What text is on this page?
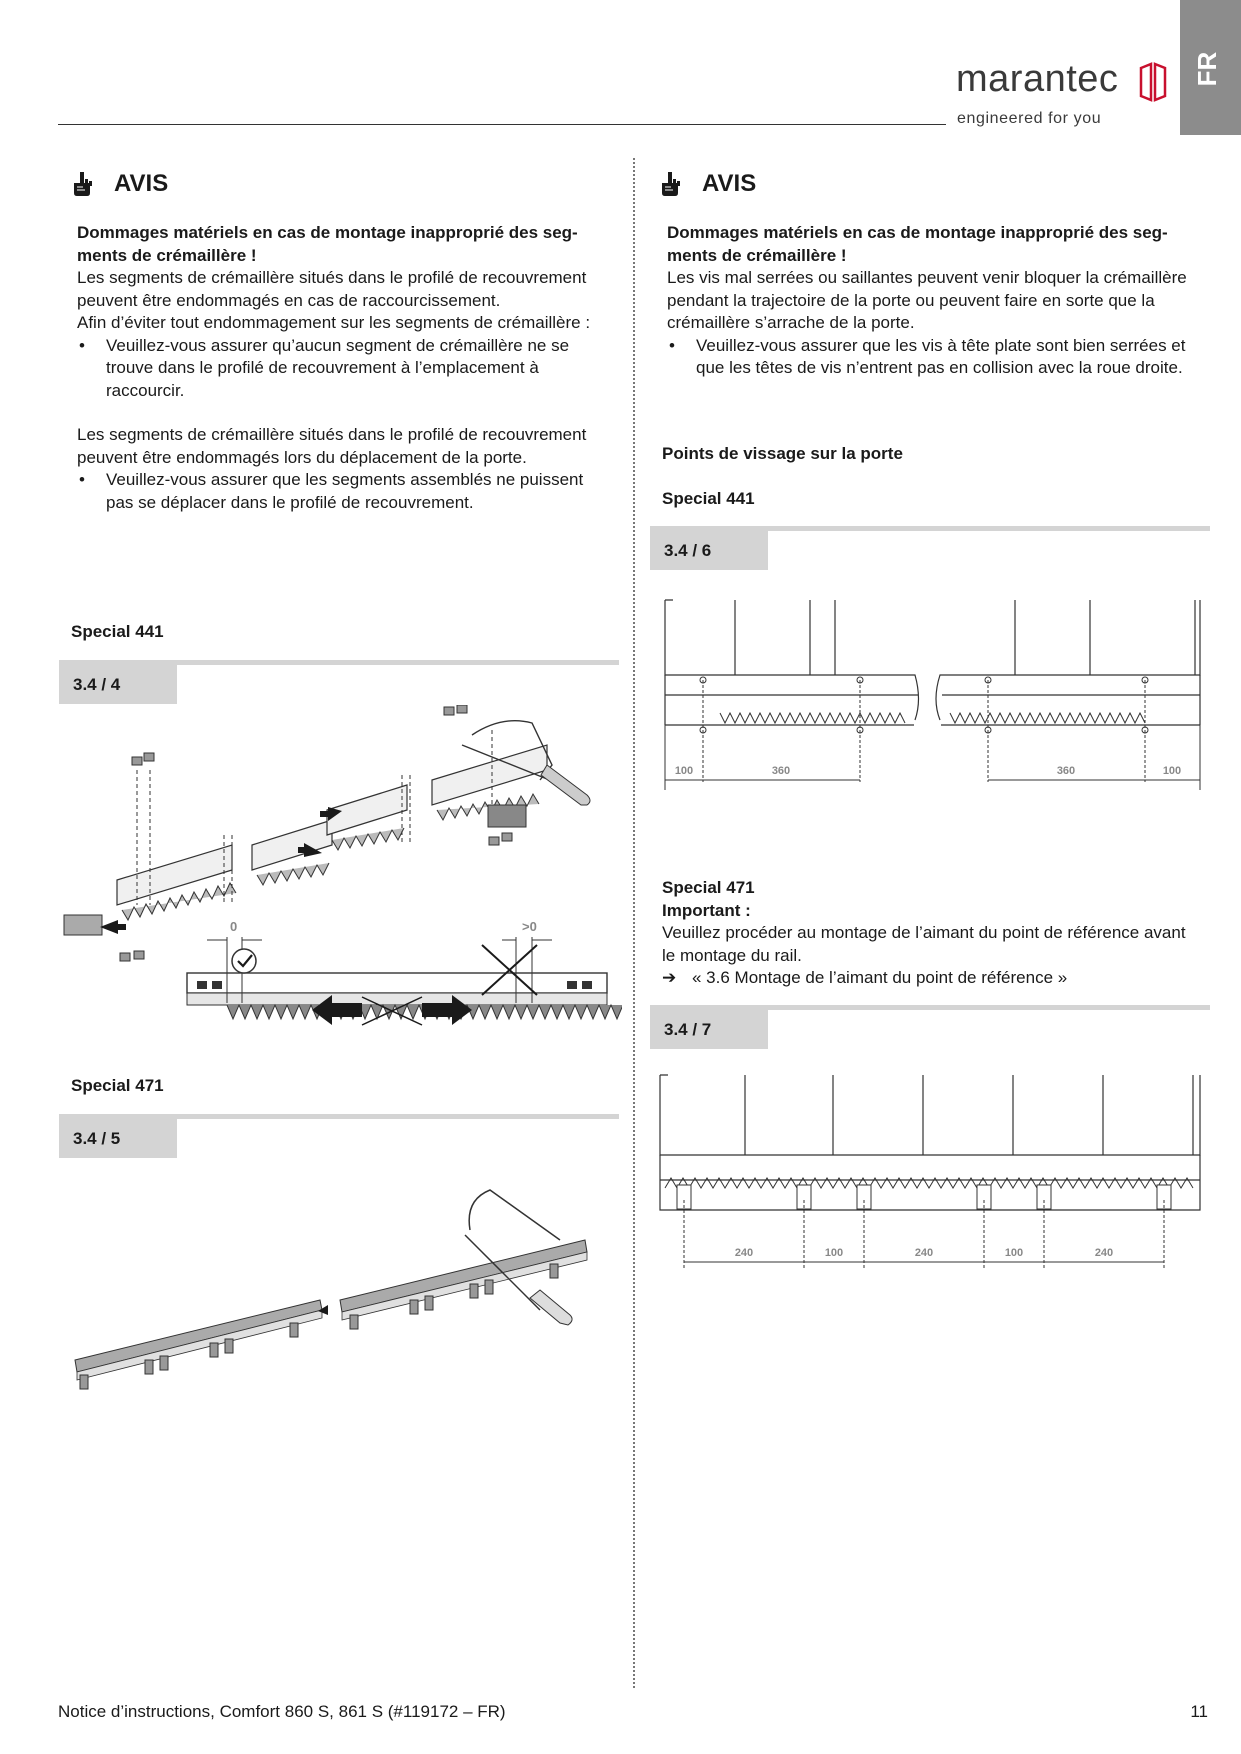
FR
marantec
engineered for you
AVIS
Dommages matériels en cas de montage inapproprié des seg-
ments de crémaillère !
Les segments de crémaillère situés dans le profilé de recouvrement peuvent être endommagés en cas de raccourcissement.
Afin d’éviter tout endommagement sur les segments de crémaillère :
• Veuillez-vous assurer qu’aucun segment de crémaillère ne se trouve dans le profilé de recouvrement à l’emplacement à raccourcir.
Les segments de crémaillère situés dans le profilé de recouvrement peuvent être endommagés lors du déplacement de la porte.
• Veuillez-vous assurer que les segments assemblés ne puissent pas se déplacer dans le profilé de recouvrement.
Special 441
3.4 / 4
0	>0
Special 471
3.4 / 5
AVIS
Dommages matériels en cas de montage inapproprié des seg-
ments de crémaillère !
Les vis mal serrées ou saillantes peuvent venir bloquer la crémaillère pendant la trajectoire de la porte ou peuvent faire en sorte que la crémaillère s’arrache de la porte.
• Veuillez-vous assurer que les vis à tête plate sont bien serrées et que les têtes de vis n’entrent pas en collision avec la roue droite.
Points de vissage sur la porte
Special 441
3.4 / 6
100	360	360	100
Special 471
Important :
Veuillez procéder au montage de l’aimant du point de référence avant le montage du rail.
➔ « 3.6 Montage de l’aimant du point de référence »
3.4 / 7
240	100	240	100	240
Notice d’instructions, Comfort 860 S, 861 S (#119172 – FR)	11
